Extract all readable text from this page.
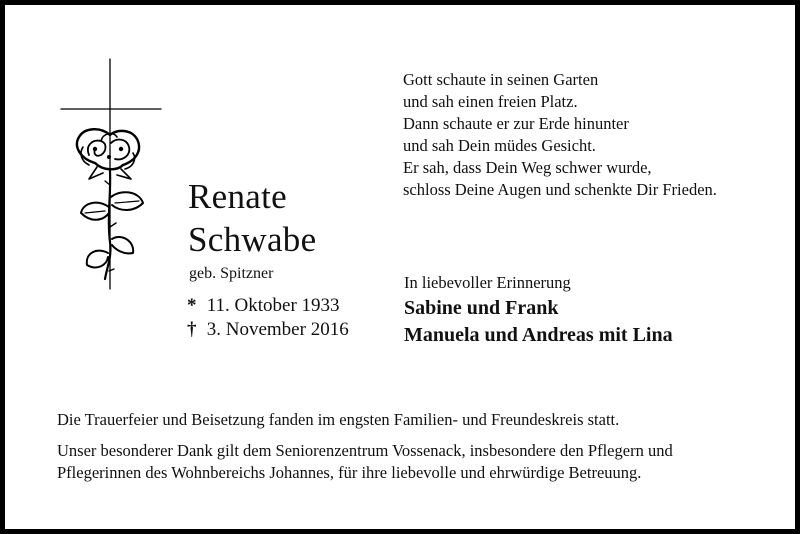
Renate
Schwabe
geb. Spitzner
* 11. Oktober 1933
† 3. November 2016
Gott schaute in seinen Garten
und sah einen freien Platz.
Dann schaute er zur Erde hinunter
und sah Dein müdes Gesicht.
Er sah, dass Dein Weg schwer wurde,
schloss Deine Augen und schenkte Dir Frieden.
In liebevoller Erinnerung
Sabine und Frank
Manuela und Andreas mit Lina

Die Trauerfeier und Beisetzung fanden im engsten Familien- und Freundeskreis statt.

Unser besonderer Dank gilt dem Seniorenzentrum Vossenack, insbesondere den Pflegern und
Pflegerinnen des Wohnbereichs Johannes, für ihre liebevolle und ehrwürdige Betreuung.
